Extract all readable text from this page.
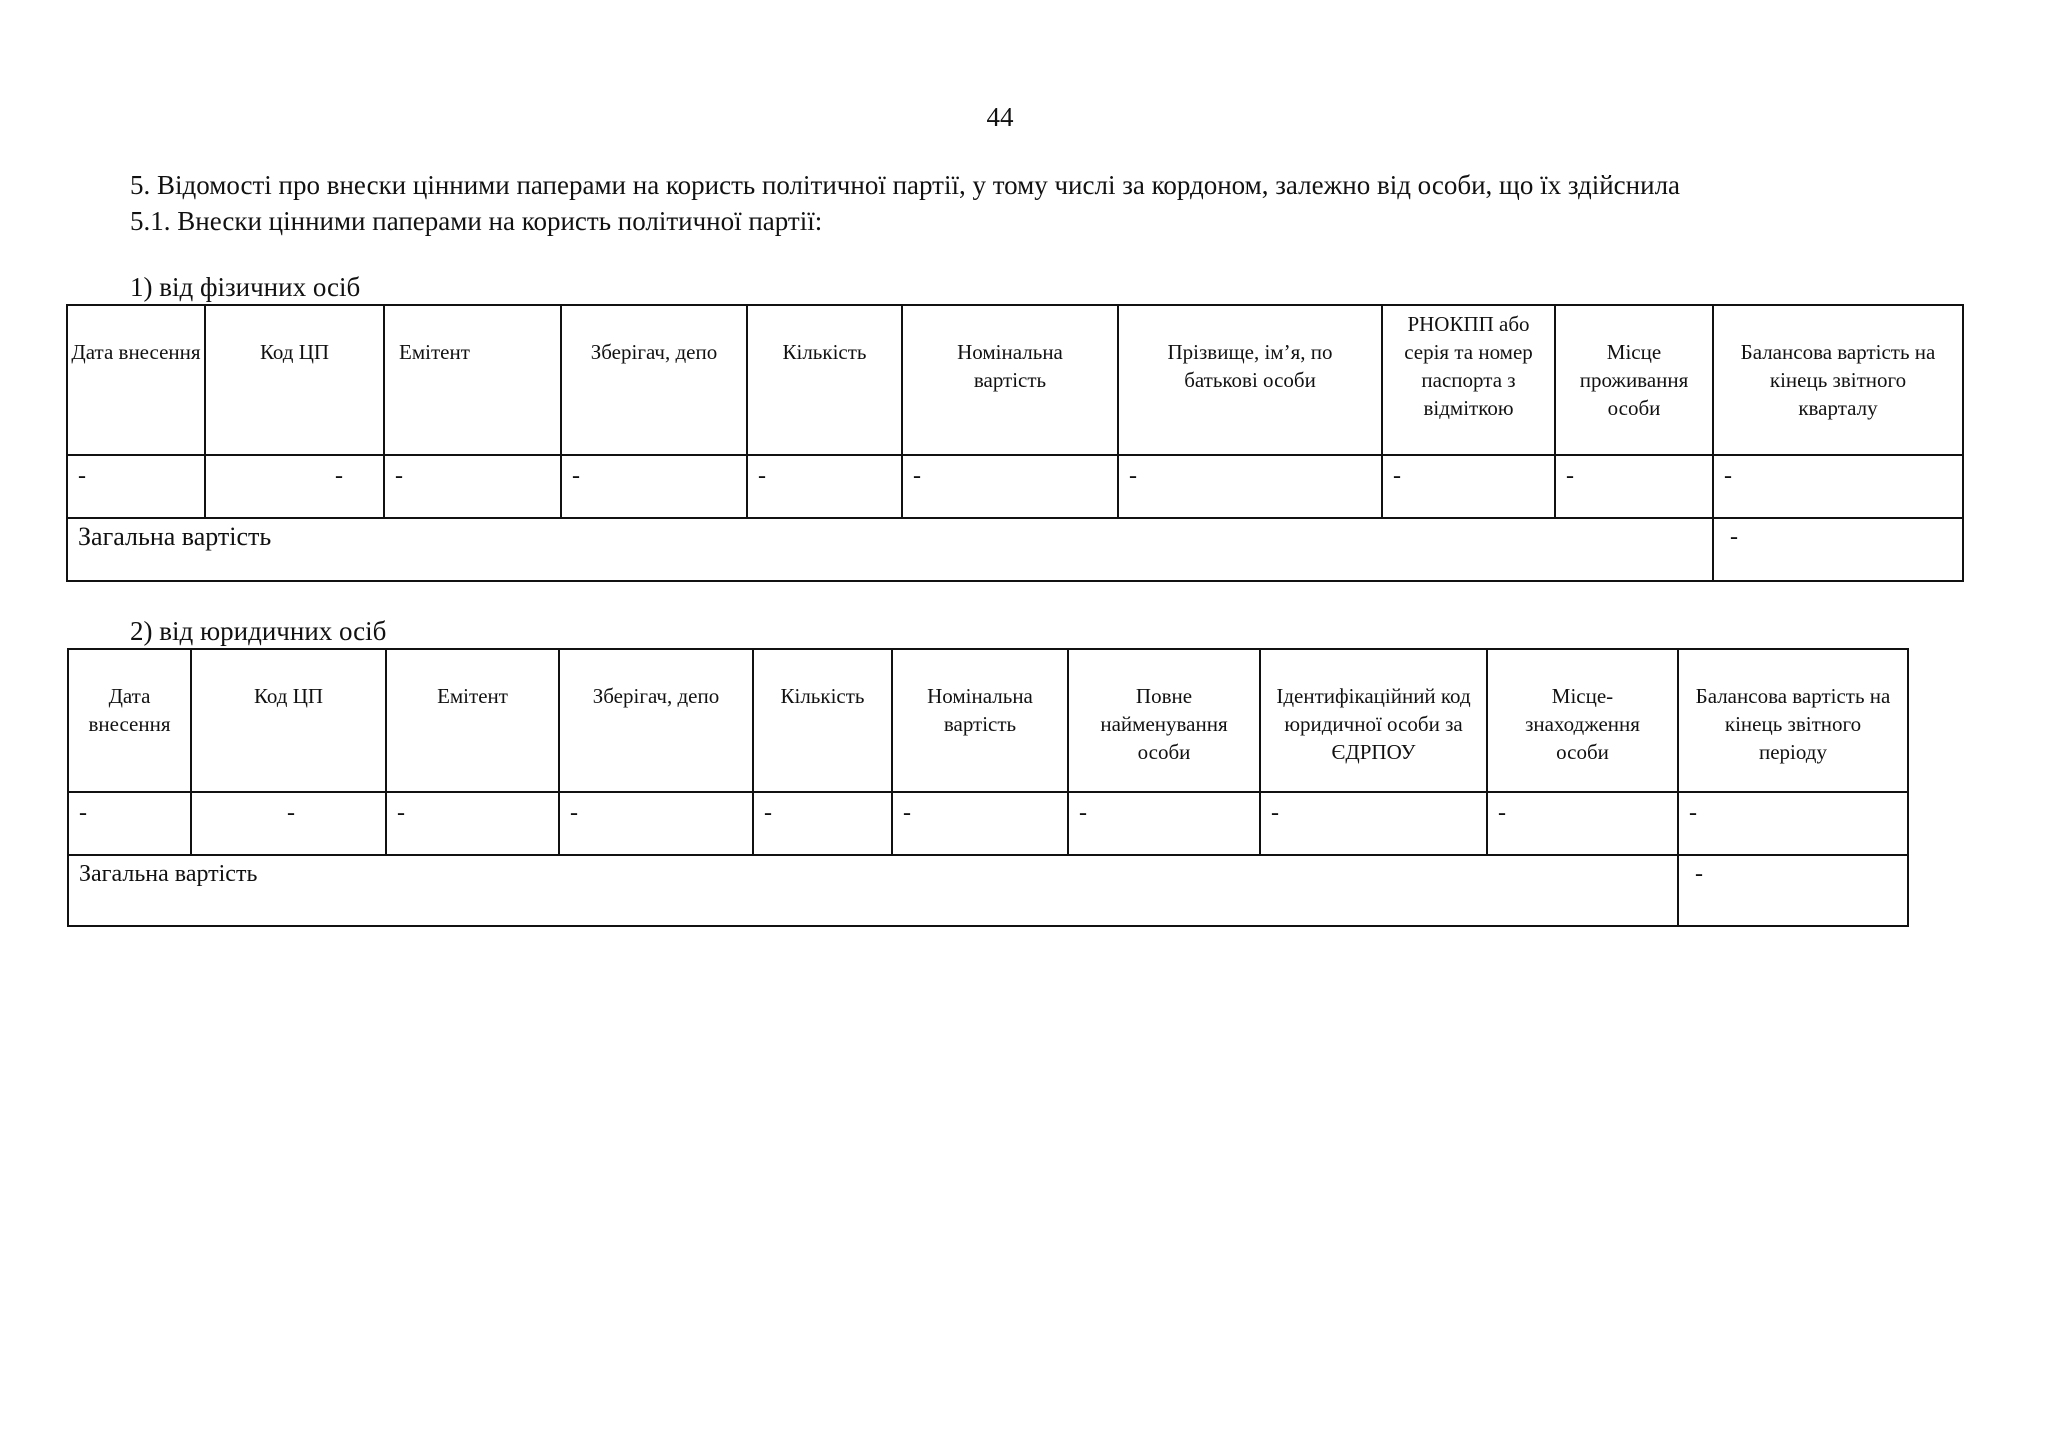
44
5. Відомості про внески цінними паперами на користь політичної партії, у тому числі за кордоном, залежно від особи, що їх здійснила
5.1. Внески цінними паперами на користь політичної партії:
1) від фізичних осіб
Дата внесення	Код ЦП	Емітент	Зберігач, депо	Кількість	Номінальна вартість	Прізвище, ім’я, по батькові особи	РНОКПП або серія та номер паспорта з відміткою	Місце проживання особи	Балансова вартість на кінець звітного кварталу

-	-	-	-	-	-	-	-	-	-
Загальна вартість									-
2) від юридичних осіб
Дата внесення	Код ЦП	Емітент	Зберігач, депо	Кількість	Номінальна вартість	Повне найменування особи	Ідентифікаційний код юридичної особи за ЄДРПОУ	Місце-знаходження особи	Балансова вартість на кінець звітного періоду

-	-	-	-	-	-	-	-	-	-
Загальна вартість									-
